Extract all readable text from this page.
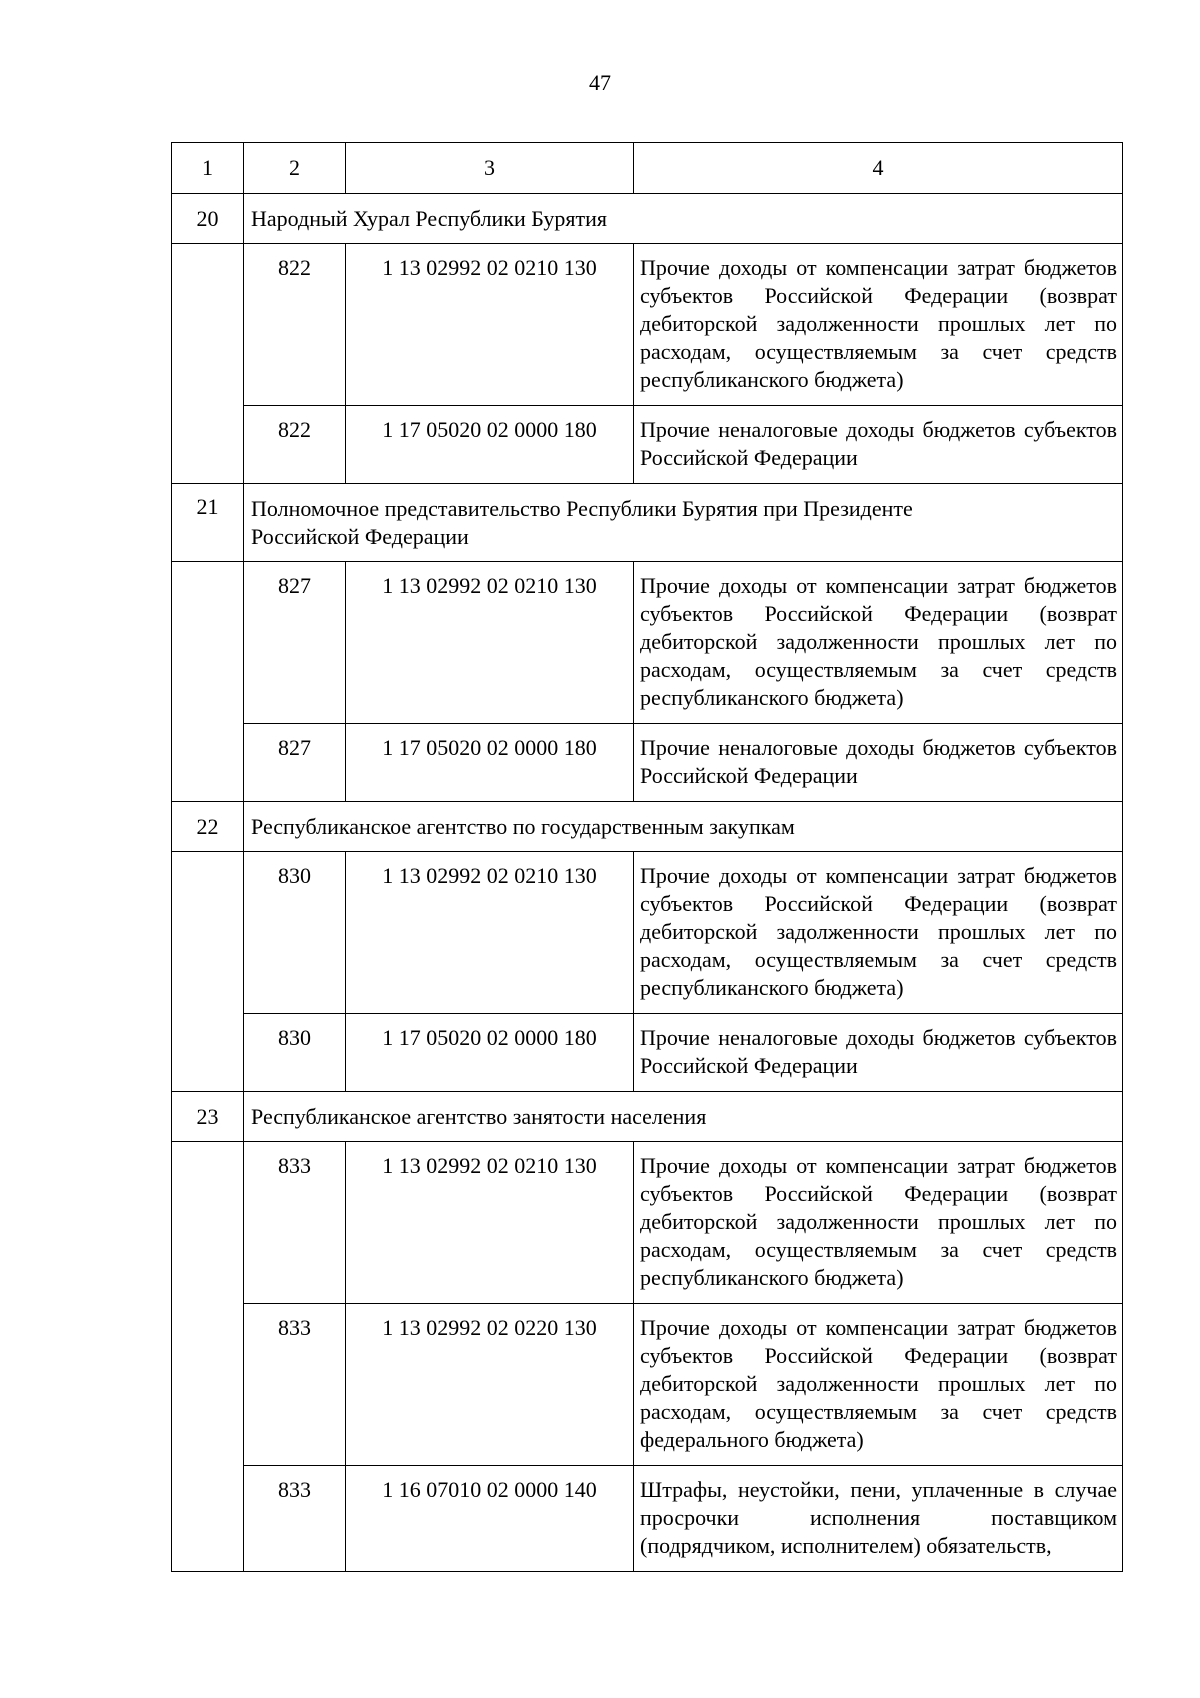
47
1	2	3	4
20	Народный Хурал Республики Бурятия		
	822	1 13 02992 02 0210 130	Прочие доходы от компенсации затрат бюджетов субъектов Российской Федерации (возврат дебиторской задолженности прошлых лет по расходам, осуществляемым за счет средств республиканского бюджета)
	822	1 17 05020 02 0000 180	Прочие неналоговые доходы бюджетов субъектов Российской Федерации
21	Полномочное представительство Республики Бурятия при Президенте Российской Федерации		
	827	1 13 02992 02 0210 130	Прочие доходы от компенсации затрат бюджетов субъектов Российской Федерации (возврат дебиторской задолженности прошлых лет по расходам, осуществляемым за счет средств республиканского бюджета)
	827	1 17 05020 02 0000 180	Прочие неналоговые доходы бюджетов субъектов Российской Федерации
22	Республиканское агентство по государственным закупкам		
	830	1 13 02992 02 0210 130	Прочие доходы от компенсации затрат бюджетов субъектов Российской Федерации (возврат дебиторской задолженности прошлых лет по расходам, осуществляемым за счет средств республиканского бюджета)
	830	1 17 05020 02 0000 180	Прочие неналоговые доходы бюджетов субъектов Российской Федерации
23	Республиканское агентство занятости населения		
	833	1 13 02992 02 0210 130	Прочие доходы от компенсации затрат бюджетов субъектов Российской Федерации (возврат дебиторской задолженности прошлых лет по расходам, осуществляемым за счет средств республиканского бюджета)
	833	1 13 02992 02 0220 130	Прочие доходы от компенсации затрат бюджетов субъектов Российской Федерации (возврат дебиторской задолженности прошлых лет по расходам, осуществляемым за счет средств федерального бюджета)
	833	1 16 07010 02 0000 140	Штрафы, неустойки, пени, уплаченные в случае просрочки исполнения поставщиком (подрядчиком, исполнителем) обязательств,
